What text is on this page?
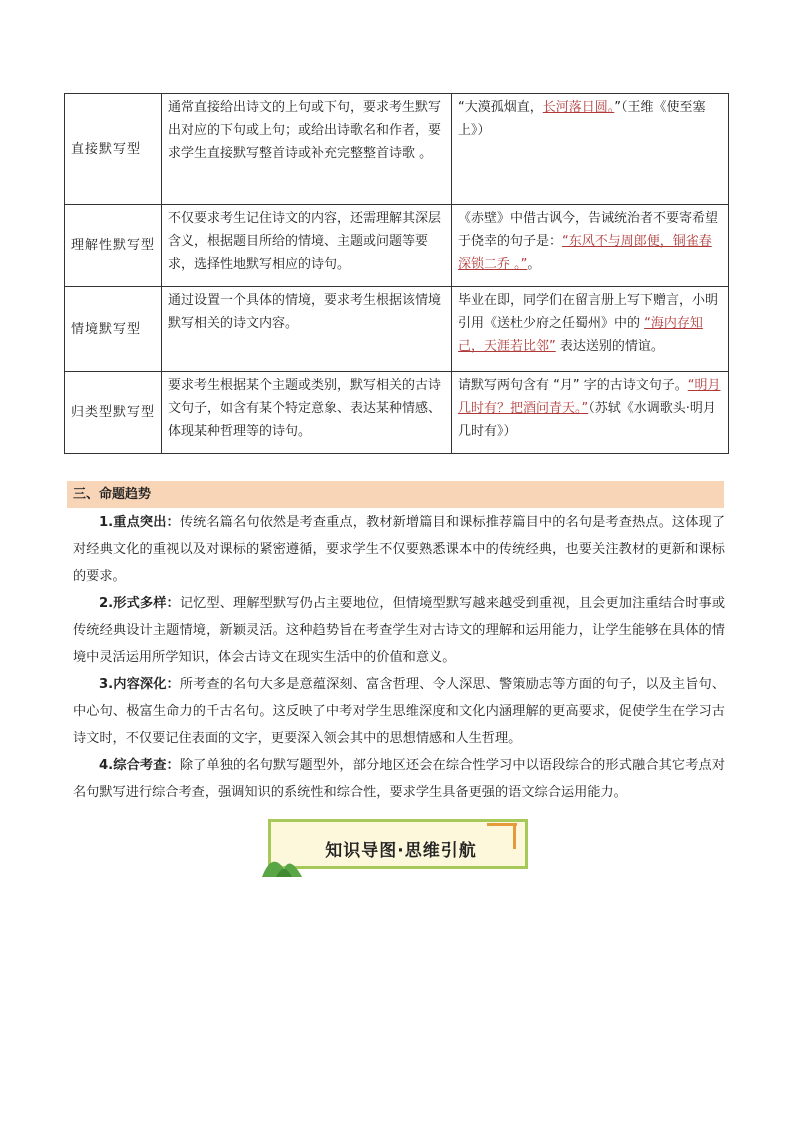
直接默写型	通常直接给出诗文的上句或下句，要求考生默写出对应的下句或上句；或给出诗歌名和作者，要求学生直接默写整首诗或补充完整整首诗歌 。	“大漠孤烟直，长河落日圆。”（王维《使至塞上》）
理解性默写型	不仅要求考生记住诗文的内容，还需理解其深层含义，根据题目所给的情境、主题或问题等要求，选择性地默写相应的诗句。	《赤壁》中借古讽今，告诫统治者不要寄希望于侥幸的句子是：“东风不与周郎便，铜雀春深锁二乔 。”。
情境默写型	通过设置一个具体的情境，要求考生根据该情境默写相关的诗文内容。	毕业在即，同学们在留言册上写下赠言，小明引用《送杜少府之任蜀州》中的 “海内存知己，天涯若比邻” 表达送别的情谊。
归类型默写型	要求考生根据某个主题或类别，默写相关的古诗文句子，如含有某个特定意象、表达某种情感、体现某种哲理等的诗句。	请默写两句含有 “月” 字的古诗文句子。“明月几时有？把酒问青天。”（苏轼《水调歌头·明月几时有》）
三、命题趋势

1.重点突出：传统名篇名句依然是考查重点，教材新增篇目和课标推荐篇目中的名句是考查热点。这体现了对经典文化的重视以及对课标的紧密遵循，要求学生不仅要熟悉课本中的传统经典，也要关注教材的更新和课标的要求。

2.形式多样：记忆型、理解型默写仍占主要地位，但情境型默写越来越受到重视，且会更加注重结合时事或传统经典设计主题情境，新颖灵活。这种趋势旨在考查学生对古诗文的理解和运用能力，让学生能够在具体的情境中灵活运用所学知识，体会古诗文在现实生活中的价值和意义。

3.内容深化：所考查的名句大多是意蕴深刻、富含哲理、令人深思、警策励志等方面的句子，以及主旨句、中心句、极富生命力的千古名句。这反映了中考对学生思维深度和文化内涵理解的更高要求，促使学生在学习古诗文时，不仅要记住表面的文字，更要深入领会其中的思想情感和人生哲理。

4.综合考查：除了单独的名句默写题型外，部分地区还会在综合性学习中以语段综合的形式融合其它考点对名句默写进行综合考查，强调知识的系统性和综合性，要求学生具备更强的语文综合运用能力。

知识导图·思维引航
